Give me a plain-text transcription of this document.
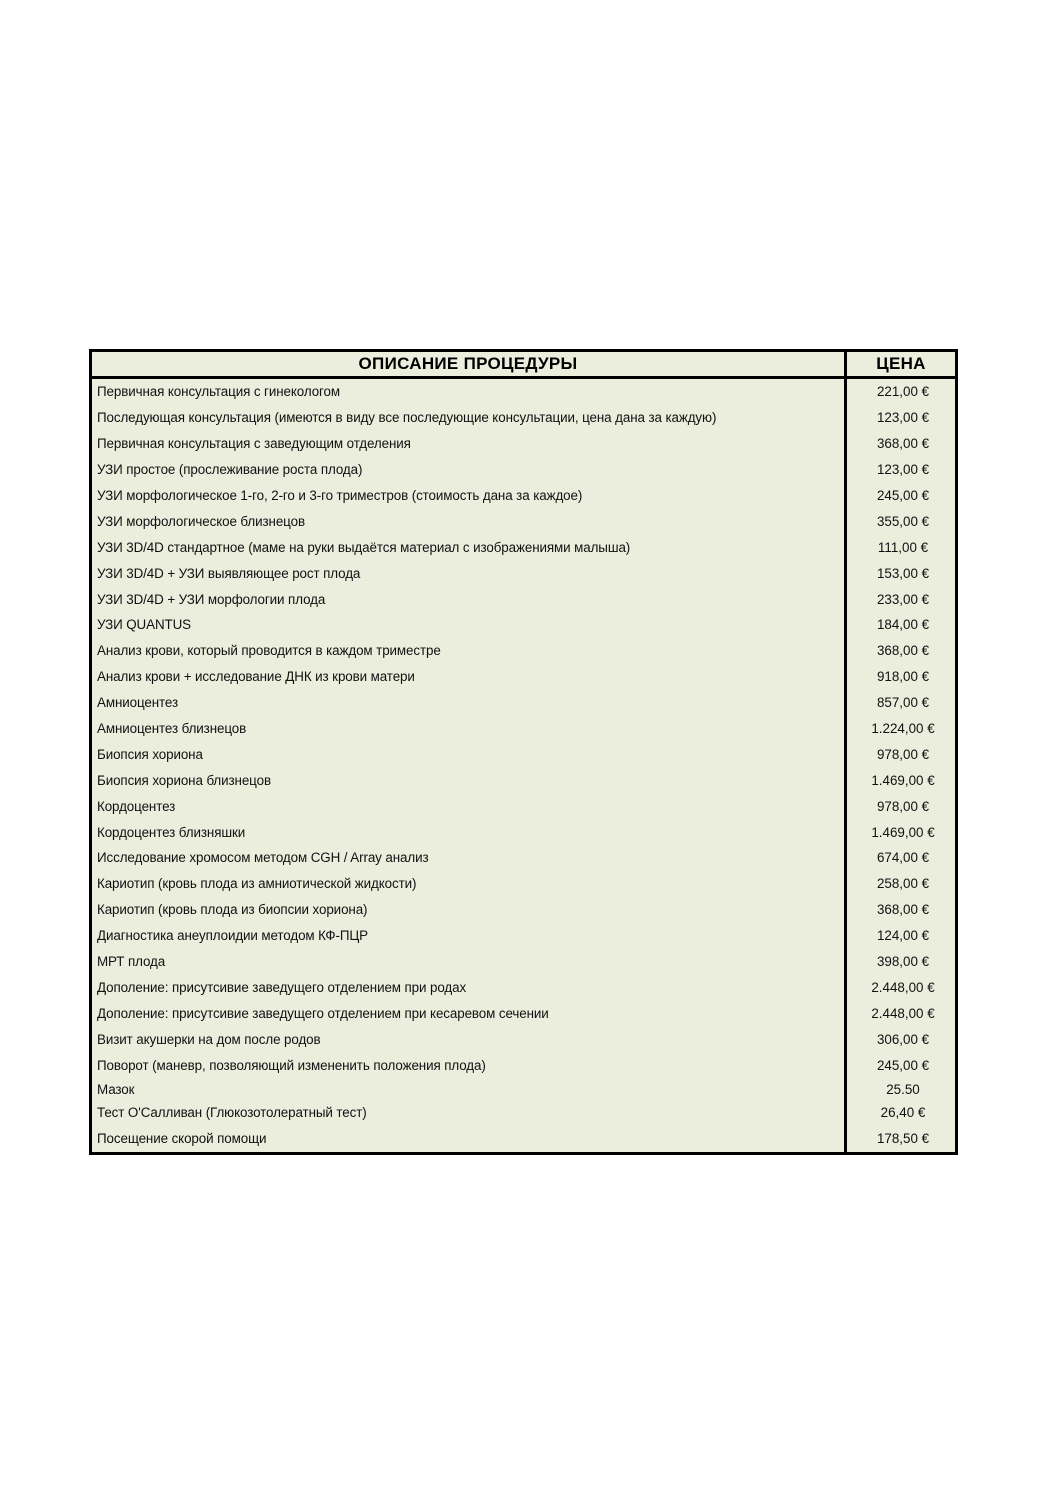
ОПИСАНИЕ ПРОЦЕДУРЫ	ЦЕНА
Первичная консультация с гинекологом	221,00 €
Последующая консультация (имеются в виду все последующие консультации, цена дана за каждую)	123,00 €
Первичная консультация с заведующим отделения	368,00 €
УЗИ простое (прослеживание роста плода)	123,00 €
УЗИ морфологическое 1-го, 2-го и 3-го триместров (стоимость дана за каждое)	245,00 €
УЗИ морфологическое близнецов	355,00 €
УЗИ 3D/4D стандартное (маме на руки выдаётся материал с изображениями малыша)	111,00 €
УЗИ 3D/4D + УЗИ выявляющее рост плода	153,00 €
УЗИ 3D/4D + УЗИ морфологии плода	233,00 €
УЗИ QUANTUS	184,00 €
Анализ крови, который проводится в каждом триместре	368,00 €
Анализ крови + исследование ДНК из крови матери	918,00 €
Амниоцентез	857,00 €
Амниоцентез близнецов	1.224,00 €
Биопсия хориона	978,00 €
Биопсия хориона близнецов	1.469,00 €
Кордоцентез	978,00 €
Кордоцентез близняшки	1.469,00 €
Исследование хромосом методом CGH / Array анализ	674,00 €
Кариотип (кровь плода из амниотической жидкости)	258,00 €
Кариотип (кровь плода из биопсии хориона)	368,00 €
Диагностика анеуплоидии методом КФ-ПЦР	124,00 €
МРТ плода	398,00 €
Дополение: присутсивие заведущего отделением при родах	2.448,00 €
Дополение: присутсивие заведущего отделением при кесаревом сечении	2.448,00 €
Визит акушерки на дом после родов	306,00 €
Поворот (маневр, позволяющий измененить положения плода)	245,00 €
Мазок	25.50
Тест О'Салливан (Глюкозотолератный тест)	26,40 €
Посещение скорой помощи	178,50 €
